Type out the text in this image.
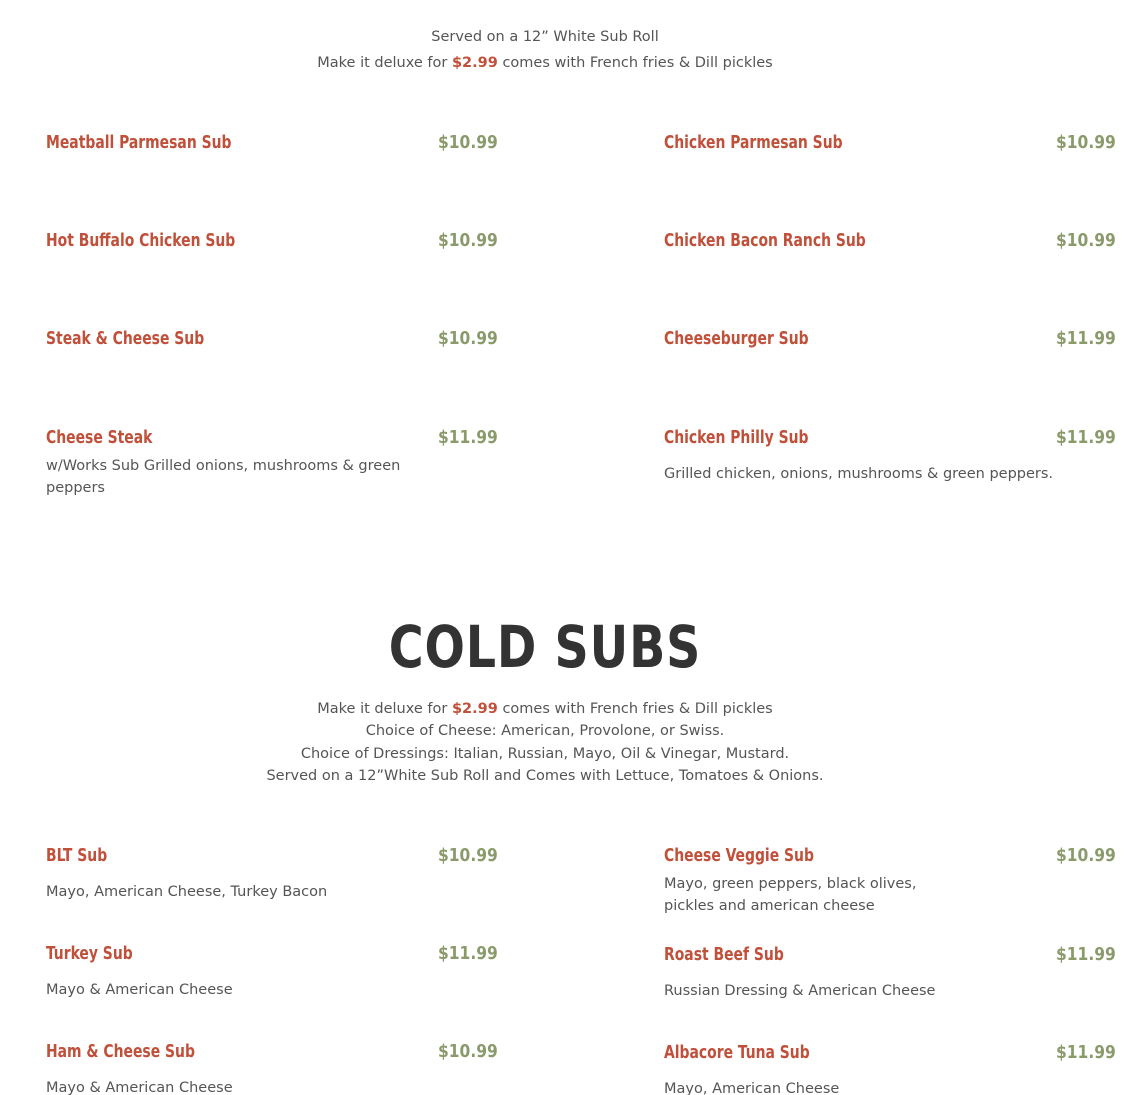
Served on a 12” White Sub Roll
Make it deluxe for $2.99 comes with French fries & Dill pickles
Meatball Parmesan Sub	$10.99	Chicken Parmesan Sub	$10.99
Hot Buffalo Chicken Sub	$10.99	Chicken Bacon Ranch Sub	$10.99
Steak & Cheese Sub	$10.99	Cheeseburger Sub	$11.99
Cheese Steak	$11.99
w/Works Sub Grilled onions, mushrooms & green peppers
Chicken Philly Sub	$11.99
Grilled chicken, onions, mushrooms & green peppers.
COLD SUBS
Make it deluxe for $2.99 comes with French fries & Dill pickles
Choice of Cheese: American, Provolone, or Swiss.
Choice of Dressings: Italian, Russian, Mayo, Oil & Vinegar, Mustard.
Served on a 12”White Sub Roll and Comes with Lettuce, Tomatoes & Onions.
BLT Sub	$10.99
Mayo, American Cheese, Turkey Bacon
Cheese Veggie Sub	$10.99
Mayo, green peppers, black olives, pickles and american cheese
Turkey Sub	$11.99
Mayo & American Cheese
Roast Beef Sub	$11.99
Russian Dressing & American Cheese
Ham & Cheese Sub	$10.99
Mayo & American Cheese
Albacore Tuna Sub	$11.99
Mayo, American Cheese
